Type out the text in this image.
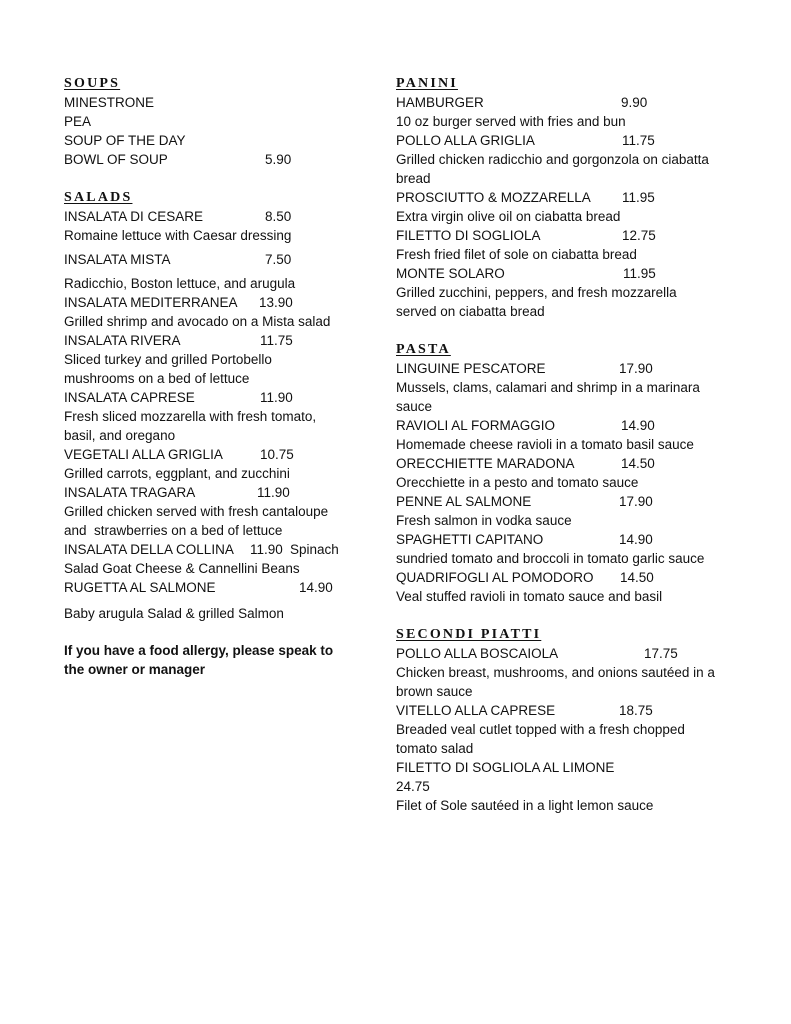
SOUPS
MINESTRONE
PEA
SOUP OF THE DAY
BOWL OF SOUP	5.90
SALADS
INSALATA DI CESARE	8.50
Romaine lettuce with Caesar dressing
INSALATA MISTA	7.50
Radicchio, Boston lettuce, and arugula
INSALATA MEDITERRANEA 13.90
Grilled shrimp and avocado on a Mista salad
INSALATA RIVERA	11.75
Sliced turkey and grilled Portobello mushrooms on a bed of lettuce
INSALATA CAPRESE	11.90
Fresh sliced mozzarella with fresh tomato, basil, and oregano
VEGETALI ALLA GRIGLIA	10.75
Grilled carrots, eggplant, and zucchini
INSALATA TRAGARA	11.90
Grilled chicken served with fresh cantaloupe and  strawberries on a bed of lettuce
INSALATA DELLA COLLINA 11.90 Spinach
Salad Goat Cheese & Cannellini Beans
RUGETTA AL SALMONE	14.90
Baby arugula Salad & grilled Salmon
If you have a food allergy, please speak to the owner or manager
PANINI
HAMBURGER	9.90
10 oz burger served with fries and bun
POLLO ALLA GRIGLIA	11.75
Grilled chicken radicchio and gorgonzola on ciabatta bread
PROSCIUTTO & MOZZARELLA 11.95
Extra virgin olive oil on ciabatta bread
FILETTO DI SOGLIOLA	12.75
Fresh fried filet of sole on ciabatta bread
MONTE SOLARO	11.95
Grilled zucchini, peppers, and fresh mozzarella served on ciabatta bread
PASTA
LINGUINE PESCATORE	17.90
Mussels, clams, calamari and shrimp in a marinara sauce
RAVIOLI AL FORMAGGIO	14.90
Homemade cheese ravioli in a tomato basil sauce
ORECCHIETTE MARADONA	14.50
Orecchiette in a pesto and tomato sauce
PENNE AL SALMONE	17.90
Fresh salmon in vodka sauce
SPAGHETTI CAPITANO	14.90
sundried tomato and broccoli in tomato garlic sauce
QUADRIFOGLI AL POMODORO 14.50
Veal stuffed ravioli in tomato sauce and basil
SECONDI PIATTI
POLLO ALLA BOSCAIOLA	17.75
Chicken breast, mushrooms, and onions sautéed in a brown sauce
VITELLO ALLA CAPRESE	18.75
Breaded veal cutlet topped with a fresh chopped tomato salad
FILETTO DI SOGLIOLA AL LIMONE
24.75
Filet of Sole sautéed in a light lemon sauce
